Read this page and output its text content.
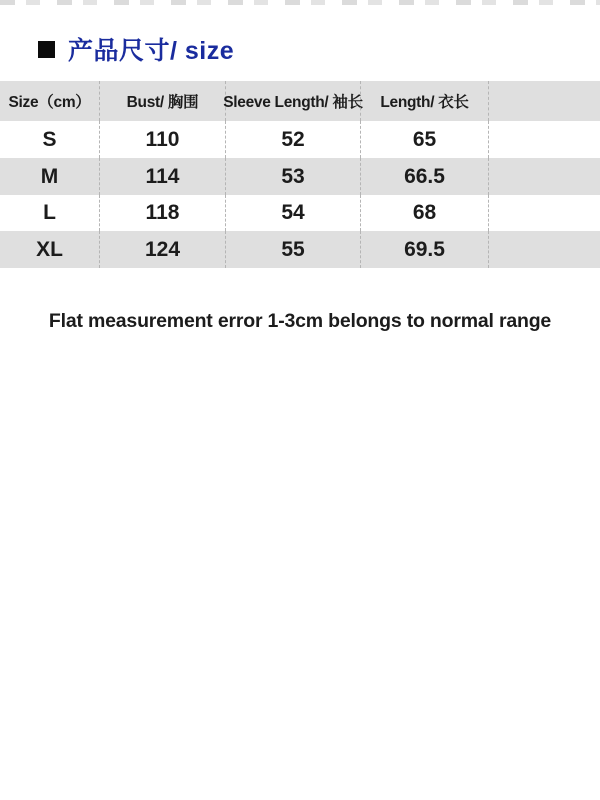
产品尺寸/ size
Size（cm）	Bust/ 胸围	Sleeve Length/ 袖长	Length/ 衣长
S	110	52	65
M	114	53	66.5
L	118	54	68
XL	124	55	69.5
Flat measurement error 1-3cm belongs to normal range
